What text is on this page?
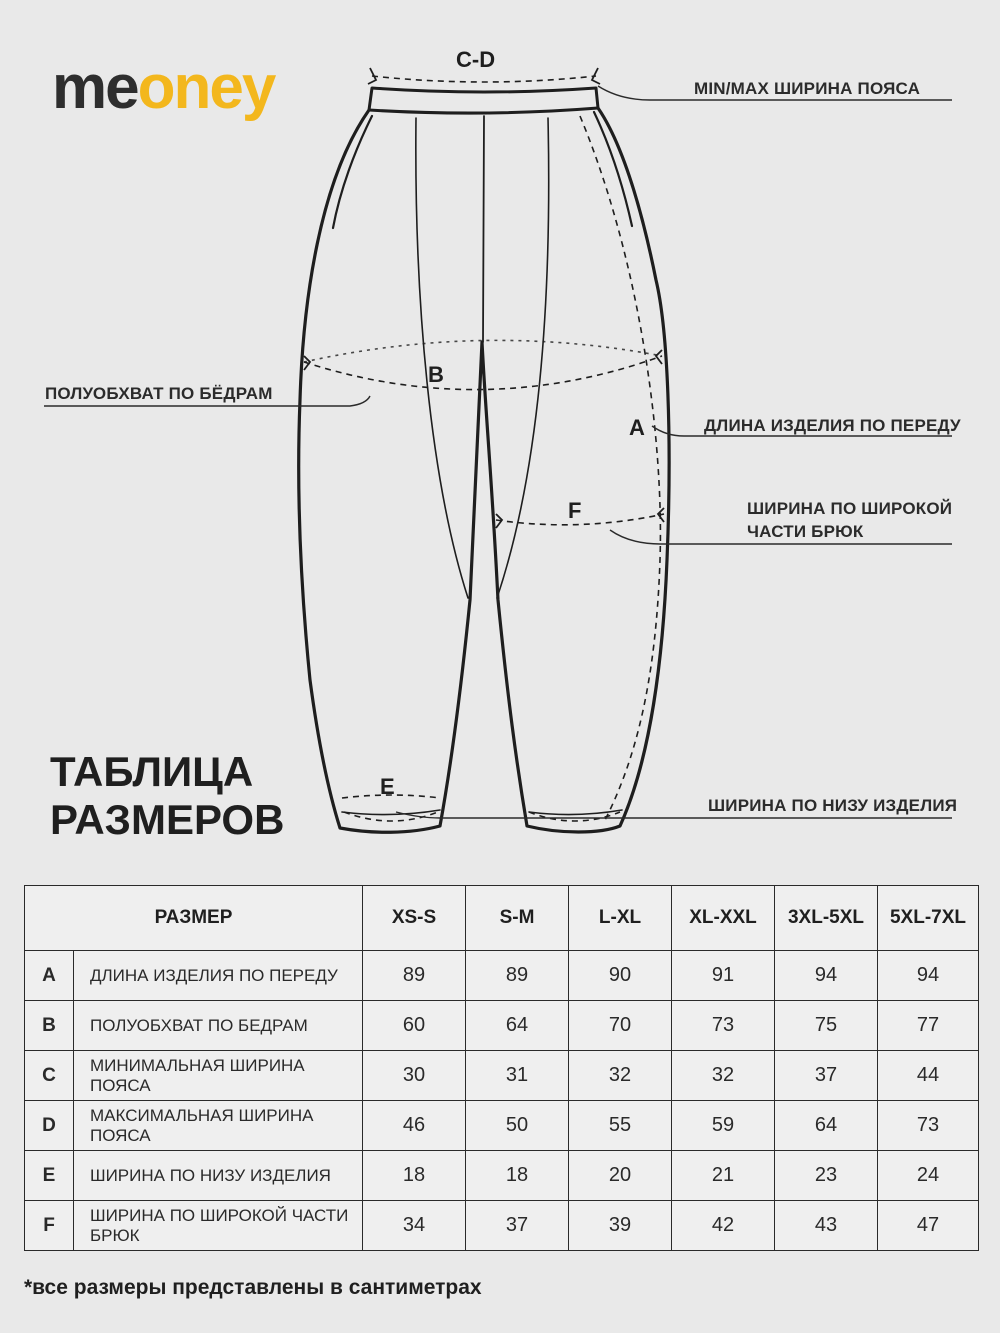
meoney	C-D
B
A
F
E
MIN/MAX ШИРИНА ПОЯСА
ПОЛУОБХВАТ ПО БЁДРАМ
ДЛИНА ИЗДЕЛИЯ ПО ПЕРЕДУ
ШИРИНА ПО ШИРОКОЙ
ЧАСТИ БРЮК
ШИРИНА ПО НИЗУ ИЗДЕЛИЯ
ТАБЛИЦА
РАЗМЕРОВ
РАЗМЕР		XS-S	S-M	L-XL	XL-XXL	3XL-5XL	5XL-7XL
A	ДЛИНА ИЗДЕЛИЯ ПО ПЕРЕДУ	89	89	90	91	94	94
B	ПОЛУОБХВАТ ПО БЕДРАМ	60	64	70	73	75	77
C	МИНИМАЛЬНАЯ ШИРИНА ПОЯСА	30	31	32	32	37	44
D	МАКСИМАЛЬНАЯ ШИРИНА ПОЯСА	46	50	55	59	64	73
E	ШИРИНА ПО НИЗУ ИЗДЕЛИЯ	18	18	20	21	23	24
F	ШИРИНА ПО ШИРОКОЙ ЧАСТИ БРЮК	34	37	39	42	43	47
*все размеры представлены в сантиметрах
